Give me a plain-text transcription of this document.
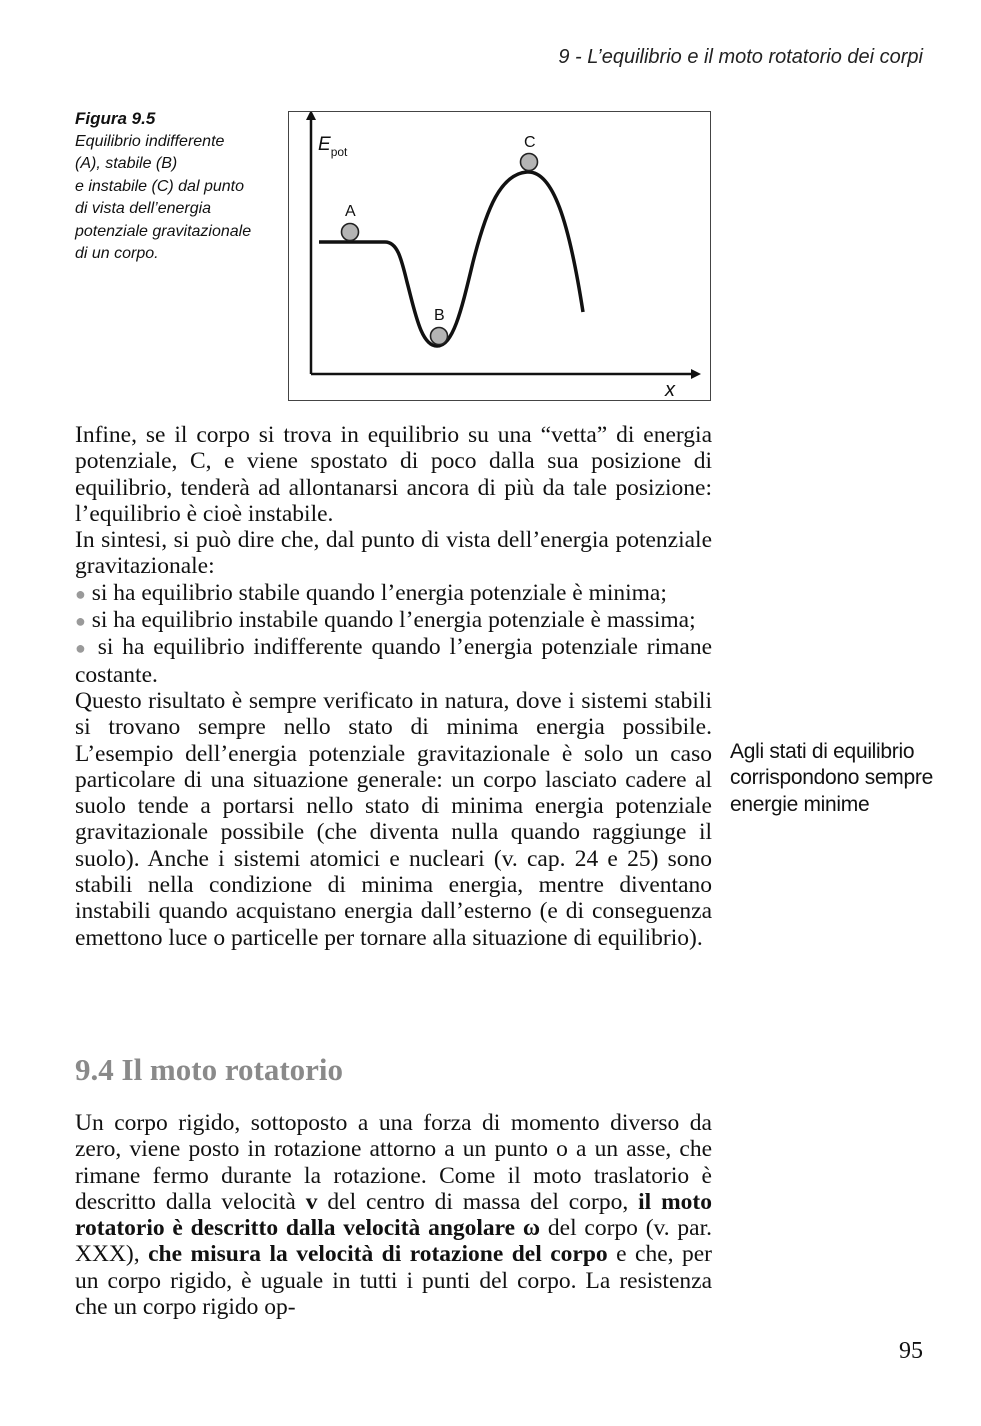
9 - L’equilibrio e il moto rotatorio dei corpi
Figura 9.5
Equilibrio indifferente
(A), stabile (B)
e instabile (C) dal punto
di vista dell’energia
potenziale gravitazionale
di un corpo.
$E_{pot}$
x
A
B
C

Infine, se il corpo si trova in equilibrio su una “vetta” di energia potenziale, C, e viene spostato di poco dalla sua posizione di equilibrio, tenderà ad allontanarsi ancora di più da tale posizione: l’equilibrio è cioè instabile.

In sintesi, si può dire che, dal punto di vista dell’energia potenziale gravitazionale:

● si ha equilibrio stabile quando l’energia potenziale è minima;

● si ha equilibrio instabile quando l’energia potenziale è massima;

● si ha equilibrio indifferente quando l’energia potenziale rimane costante.

Questo risultato è sempre verificato in natura, dove i sistemi stabili si trovano sempre nello stato di minima energia possibile. L’esempio dell’energia potenziale gravitazionale è solo un caso particolare di una situazione generale: un corpo lasciato cadere al suolo tende a portarsi nello stato di minima energia potenziale gravitazionale possibile (che diventa nulla quando raggiunge il suolo). Anche i sistemi atomici e nucleari (v. cap. 24 e 25) sono stabili nella condizione di minima energia, mentre diventano instabili quando acquistano energia dall’esterno (e di conseguenza emettono luce o particelle per tornare alla situazione di equilibrio).

Agli stati di equilibrio corrispondono sempre energie minime
9.4 Il moto rotatorio

Un corpo rigido, sottoposto a una forza di momento diverso da zero, viene posto in rotazione attorno a un punto o a un asse, che rimane fermo durante la rotazione. Come il moto traslatorio è descritto dalla velocità v del centro di massa del corpo, il moto rotatorio è descritto dalla velocità angolare ω del corpo (v. par. XXX), che misura la velocità di rotazione del corpo e che, per un corpo rigido, è uguale in tutti i punti del corpo. La resistenza che un corpo rigido op-

95
